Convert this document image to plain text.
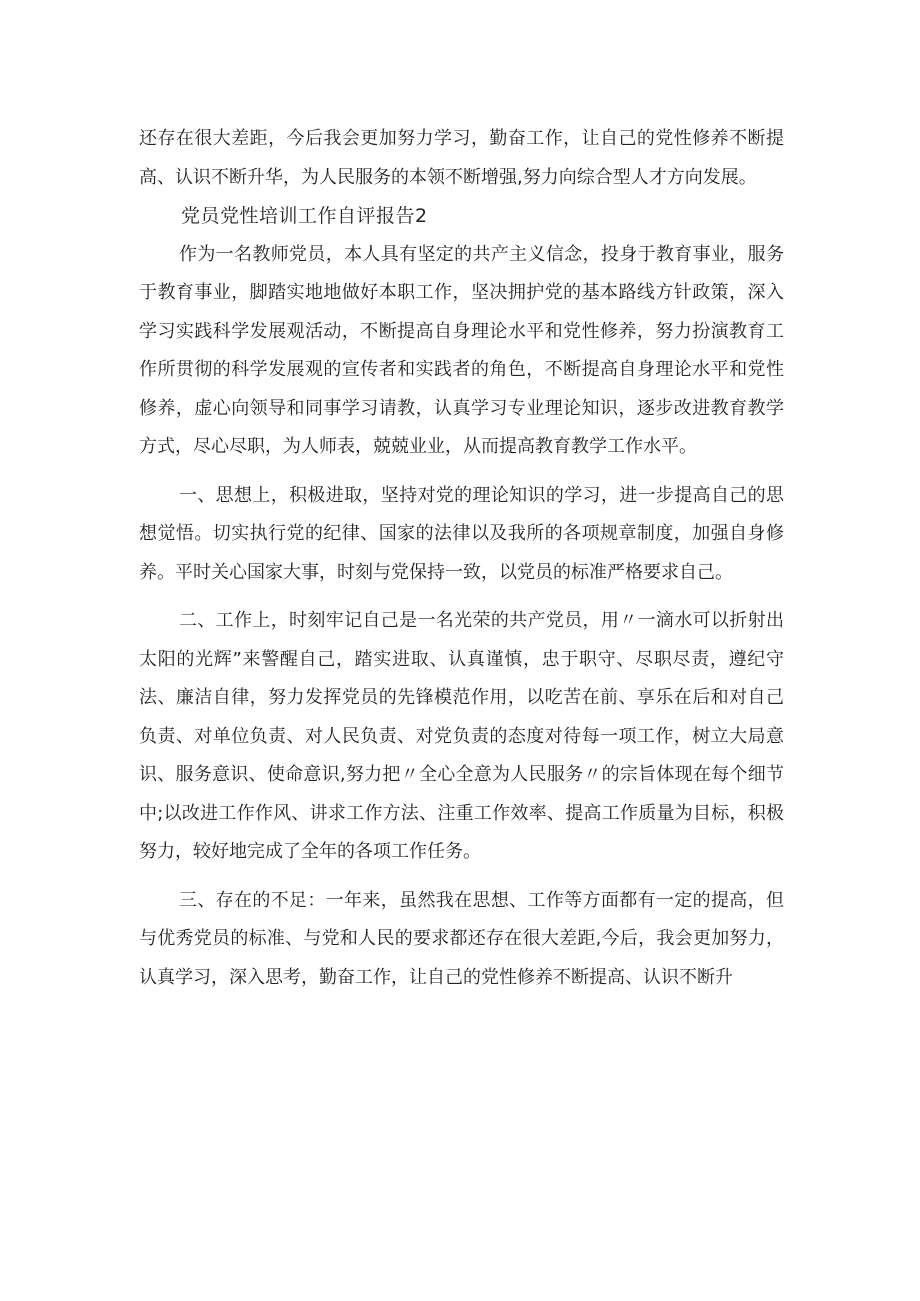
还存在很大差距，今后我会更加努力学习，勤奋工作，让自己的党性修养不断提高、认识不断升华，为人民服务的本领不断增强,努力向综合型人才方向发展。

党员党性培训工作自评报告2

作为一名教师党员，本人具有坚定的共产主义信念，投身于教育事业，服务于教育事业，脚踏实地地做好本职工作，坚决拥护党的基本路线方针政策，深入学习实践科学发展观活动，不断提高自身理论水平和党性修养，努力扮演教育工作所贯彻的科学发展观的宣传者和实践者的角色，不断提高自身理论水平和党性修养，虚心向领导和同事学习请教，认真学习专业理论知识，逐步改进教育教学方式，尽心尽职，为人师表，兢兢业业，从而提高教育教学工作水平。

一、思想上，积极进取，坚持对党的理论知识的学习，进一步提高自己的思想觉悟。切实执行党的纪律、国家的法律以及我所的各项规章制度，加强自身修养。平时关心国家大事，时刻与党保持一致，以党员的标准严格要求自己。

二、工作上，时刻牢记自己是一名光荣的共产党员，用〃一滴水可以折射出太阳的光辉”来警醒自己，踏实进取、认真谨慎，忠于职守、尽职尽责，遵纪守法、廉洁自律，努力发挥党员的先锋模范作用，以吃苦在前、享乐在后和对自己负责、对单位负责、对人民负责、对党负责的态度对待每一项工作，树立大局意识、服务意识、使命意识,努力把〃全心全意为人民服务〃的宗旨体现在每个细节中;以改进工作作风、讲求工作方法、注重工作效率、提高工作质量为目标，积极努力，较好地完成了全年的各项工作任务。

三、存在的不足：一年来，虽然我在思想、工作等方面都有一定的提高，但与优秀党员的标准、与党和人民的要求都还存在很大差距,今后，我会更加努力，认真学习，深入思考，勤奋工作，让自己的党性修养不断提高、认识不断升
